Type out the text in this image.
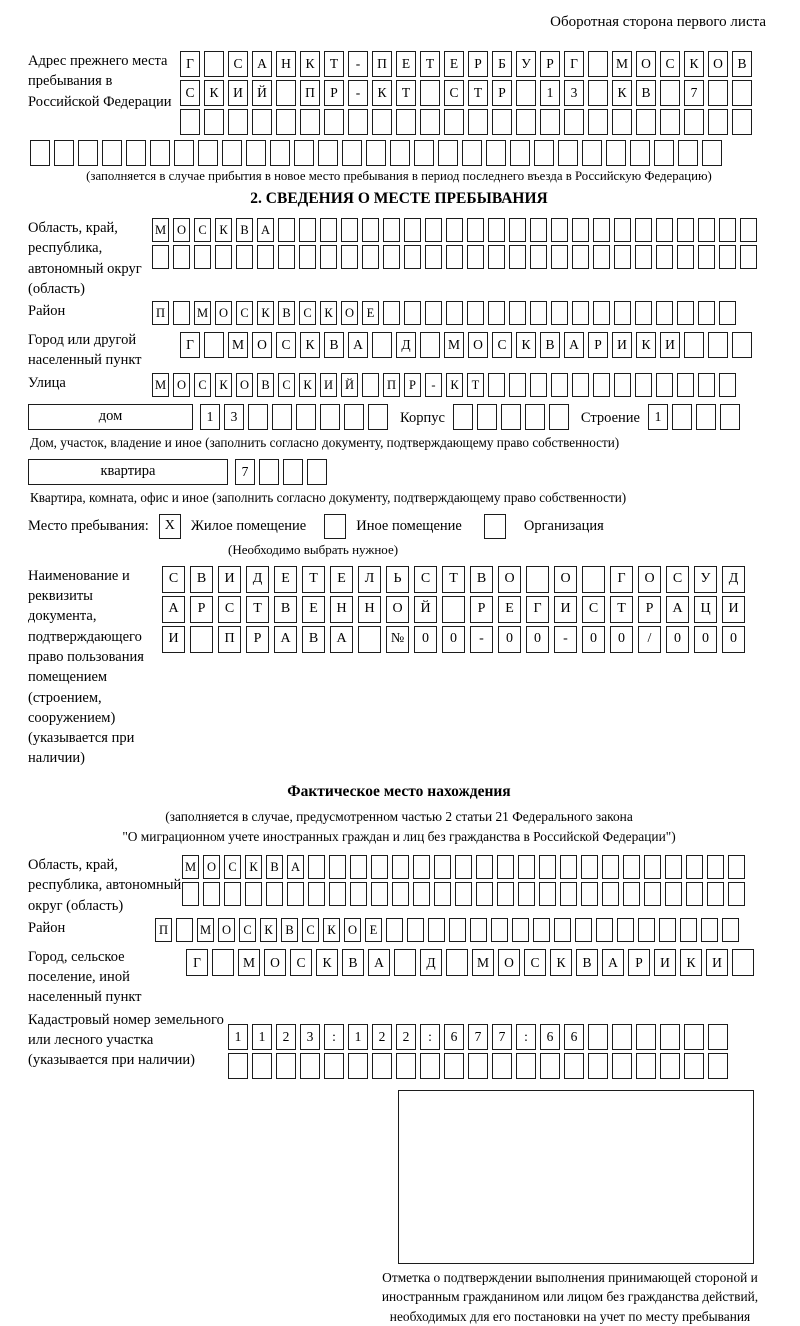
Оборотная сторона первого листа
Адрес прежнего места пребывания в Российской Федерации
Г	С	А	Н	К	Т	-	П	Е	Т	Е	Р	Б	У	Р	Г	М О	С	К	О	В
С	К	И	Й	П	Р	-	К	Т	С	Т	Р	1	3	К	В	7
(заполняется в случае прибытия в новое место пребывания в период последнего въезда в Российскую Федерацию)
2. СВЕДЕНИЯ О МЕСТЕ ПРЕБЫВАНИЯ
Область, край, республика, автономный округ (область)
М О С	К	В А
Район	П	М О С	К	В	С	К О	Е
Город или другой населенный пункт
Г	М О	С	К	В	А	Д	М О	С	К	В	А	Р	И	К	И
Улица	М О С	К О В	С	К И Й	П	Р	-	К	Т
дом	1	3	Корпус	Строение	1
Дом, участок, владение и иное (заполнить согласно документу, подтверждающему право собственности)
квартира	7
Квартира, комната, офис и иное (заполнить согласно документу, подтверждающему право собственности)
Место пребывания:	X	Жилое помещение	Иное помещение	Организация
(Необходимо выбрать нужное)
Наименование и реквизиты документа, подтверждающего право пользования помещением (строением, сооружением) (указывается при наличии)
С	В	И	Д	Е	Т	Е	Л	Ь	С	Т	В	О	О	Г	О	С	У	Д
А	Р	С	Т	В	Е	Н	Н	О	Й	Р	Е	Г	И	С	Т	Р	А	Ц	И
И	П	Р	А	В	А	№	0	0	-	0	0	-	0	0	/	0	0	0
Фактическое место нахождения
(заполняется в случае, предусмотренном частью 2 статьи 21 Федерального закона
"О миграционном учете иностранных граждан и лиц без гражданства в Российской Федерации")
Область, край, республика, автономный округ (область)
М О С	К	В А
Район	П	М О С	К	В	С	К О	Е
Город, сельское поселение, иной населенный пункт
Г	М	О	С	К	В	А	Д	М	О	С	К	В	А	Р	И	К	И
Кадастровый номер земельного или лесного участка (указывается при наличии)
1	1	2	3	:	1	2	2	:	6	7	7	:	6	6
Отметка о подтверждении выполнения принимающей стороной и иностранным гражданином или лицом без гражданства действий, необходимых для его постановки на учет по месту пребывания
